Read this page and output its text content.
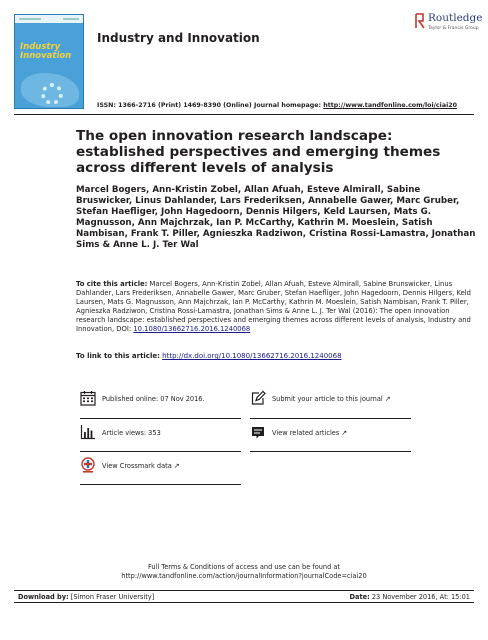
Industry
Innovation
Industry and Innovation
Routledge
Taylor & Francis Group
ISSN: 1366-2716 (Print) 1469-8390 (Online) Journal homepage: http://www.tandfonline.com/loi/ciai20
The open innovation research landscape: established perspectives and emerging themes across different levels of analysis
Marcel Bogers, Ann-Kristin Zobel, Allan Afuah, Esteve Almirall, Sabine Bruswicker, Linus Dahlander, Lars Frederiksen, Annabelle Gawer, Marc Gruber, Stefan Haefliger, John Hagedoorn, Dennis Hilgers, Keld Laursen, Mats G. Magnusson, Ann Majchrzak, Ian P. McCarthy, Kathrin M. Moeslein, Satish Nambisan, Frank T. Piller, Agnieszka Radziwon, Cristina Rossi-Lamastra, Jonathan Sims & Anne L. J. Ter Wal
To cite this article: Marcel Bogers, Ann-Kristin Zobel, Allan Afuah, Esteve Almirall, Sabine Brunswicker, Linus Dahlander, Lars Frederiksen, Annabelle Gawer, Marc Gruber, Stefan Haefliger, John Hagedoorn, Dennis Hilgers, Keld Laursen, Mats G. Magnusson, Ann Majchrzak, Ian P. McCarthy, Kathrin M. Moeslein, Satish Nambisan, Frank T. Piller, Agnieszka Radziwon, Cristina Rossi-Lamastra, Jonathan Sims & Anne L. J. Ter Wal (2016): The open innovation research landscape: established perspectives and emerging themes across different levels of analysis, Industry and Innovation, DOI: 10.1080/13662716.2016.1240068
To link to this article: http://dx.doi.org/10.1080/13662716.2016.1240068
Published online: 07 Nov 2016.	Submit your article to this journal ↗
Article views: 353	View related articles ↗
View Crossmark data ↗
Full Terms & Conditions of access and use can be found at
http://www.tandfonline.com/action/journalInformation?journalCode=ciai20
Download by: [Simon Fraser University]	Date: 23 November 2016, At: 15:01
